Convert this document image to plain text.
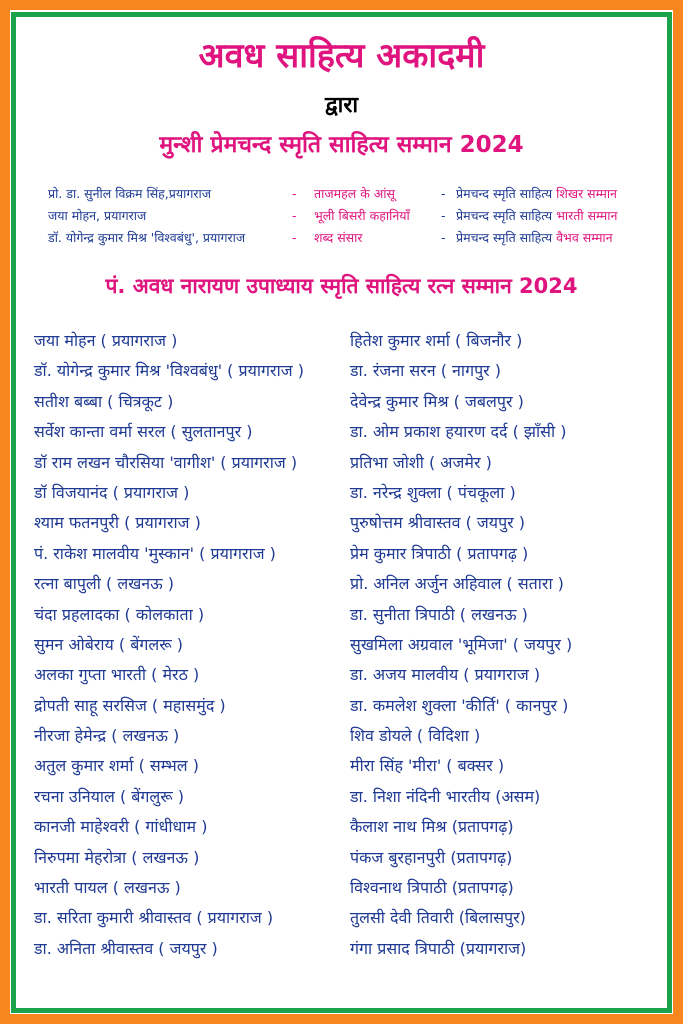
अवध साहित्य अकादमी
द्वारा
मुन्शी प्रेमचन्द स्मृति साहित्य सम्मान 2024
प्रो. डा. सुनील विक्रम सिंह,प्रयागराज	- ताजमहल के आंसू	- प्रेमचन्द स्मृति साहित्य शिखर सम्मान
जया मोहन, प्रयागराज	- भूली बिसरी कहानियाँ - प्रेमचन्द स्मृति साहित्य भारती सम्मान
डॉ. योगेन्द्र कुमार मिश्र 'विश्वबंधु', प्रयागराज	- शब्द संसार	- प्रेमचन्द स्मृति साहित्य वैभव सम्मान
पं. अवध नारायण उपाध्याय स्मृति साहित्य रत्न सम्मान 2024
जया मोहन ( प्रयागराज )
डॉ. योगेन्द्र कुमार मिश्र 'विश्वबंधु' ( प्रयागराज )
सतीश बब्बा ( चित्रकूट )
सर्वेश कान्ता वर्मा सरल ( सुलतानपुर )
डॉ राम लखन चौरसिया 'वागीश' ( प्रयागराज )
डॉ विजयानंद ( प्रयागराज )
श्याम फतनपुरी ( प्रयागराज )
पं. राकेश मालवीय 'मुस्कान' ( प्रयागराज )
रत्ना बापुली ( लखनऊ )
चंदा प्रहलादका ( कोलकाता )
सुमन ओबेराय ( बेंगलरू )
अलका गुप्ता भारती ( मेरठ )
द्रोपती साहू सरसिज ( महासमुंद )
नीरजा हेमेन्द्र ( लखनऊ )
अतुल कुमार शर्मा ( सम्भल )
रचना उनियाल ( बेंगलुरू )
कानजी माहेश्वरी ( गांधीधाम )
निरुपमा मेहरोत्रा ( लखनऊ )
भारती पायल ( लखनऊ )
डा. सरिता कुमारी श्रीवास्तव ( प्रयागराज )
डा. अनिता श्रीवास्तव ( जयपुर )
हितेश कुमार शर्मा ( बिजनौर )
डा. रंजना सरन ( नागपुर )
देवेन्द्र कुमार मिश्र ( जबलपुर )
डा. ओम प्रकाश हयारण दर्द ( झाँसी )
प्रतिभा जोशी ( अजमेर )
डा. नरेन्द्र शुक्ला ( पंचकूला )
पुरुषोत्तम श्रीवास्तव ( जयपुर )
प्रेम कुमार त्रिपाठी ( प्रतापगढ़ )
प्रो. अनिल अर्जुन अहिवाल ( सतारा )
डा. सुनीता त्रिपाठी ( लखनऊ )
सुखमिला अग्रवाल 'भूमिजा' ( जयपुर )
डा. अजय मालवीय ( प्रयागराज )
डा. कमलेश शुक्ला 'कीर्ति' ( कानपुर )
शिव डोयले ( विदिशा )
मीरा सिंह 'मीरा' ( बक्सर )
डा. निशा नंदिनी भारतीय (असम)
कैलाश नाथ मिश्र (प्रतापगढ़)
पंकज बुरहानपुरी (प्रतापगढ़)
विश्वनाथ त्रिपाठी (प्रतापगढ़)
तुलसी देवी तिवारी (बिलासपुर)
गंगा प्रसाद त्रिपाठी (प्रयागराज)
